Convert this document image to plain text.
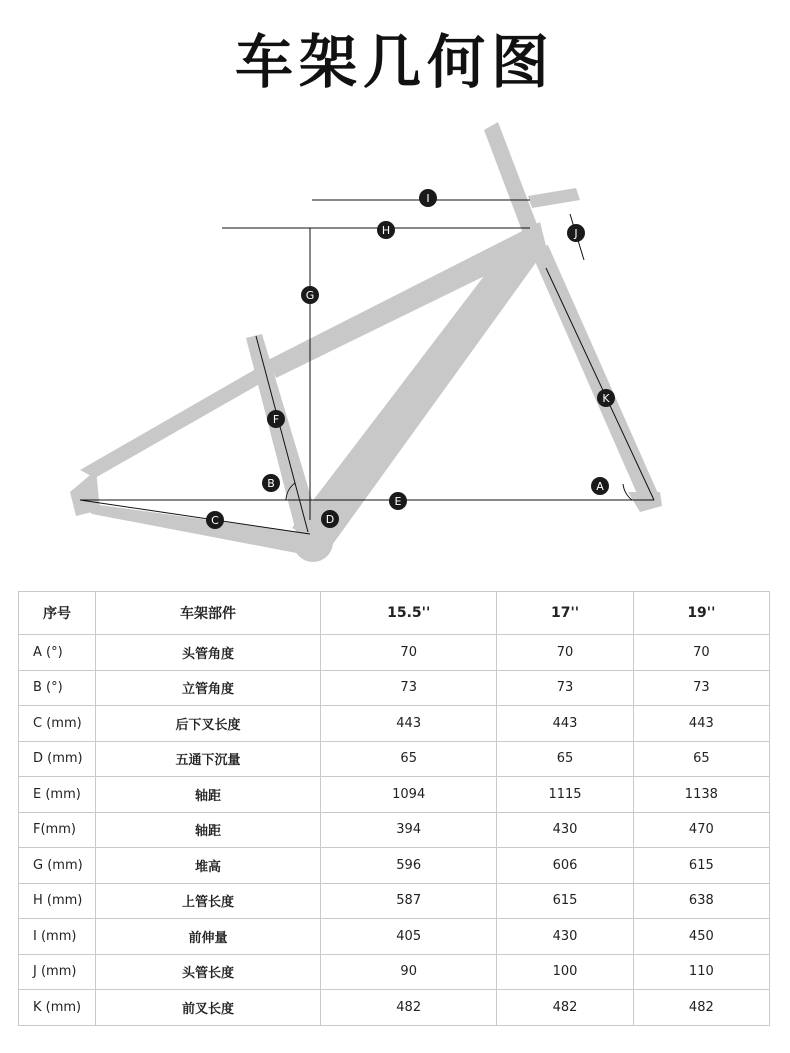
车架几何图
I
H	J
G
F
K
B	A
E
C	D
序号	车架部件	15.5''	17''	19''
A (°)	头管角度	70	70	70
B (°)	立管角度	73	73	73
C (mm)	后下叉长度	443	443	443
D (mm)	五通下沉量	65	65	65
E (mm)	轴距	1094	1115	1138
F(mm)	轴距	394	430	470
G (mm)	堆高	596	606	615
H (mm)	上管长度	587	615	638
I (mm)	前伸量	405	430	450
J (mm)	头管长度	90	100	110
K (mm)	前叉长度	482	482	482
